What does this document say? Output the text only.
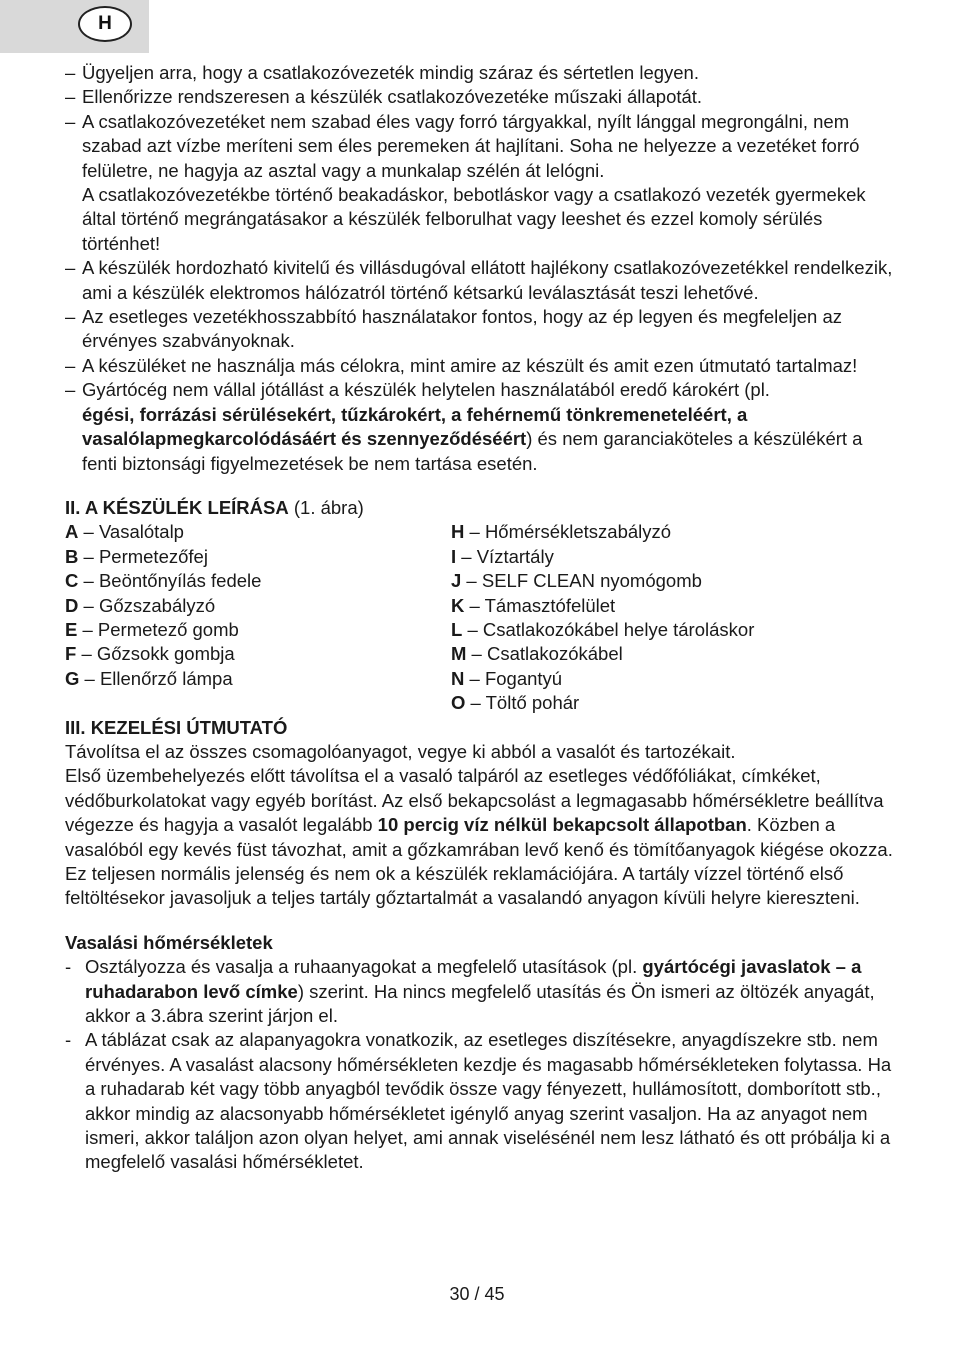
H
– Ügyeljen arra, hogy a csatlakozóvezeték mindig száraz és sértetlen legyen.
– Ellenőrizze rendszeresen a készülék csatlakozóvezetéke műszaki állapotát.
– A csatlakozóvezetéket nem szabad éles vagy forró tárgyakkal, nyílt lánggal megrongálni, nem szabad azt vízbe meríteni sem éles peremeken át hajlítani. Soha ne helyezze a vezetéket forró felületre, ne hagyja az asztal vagy a munkalap szélén át lelógni.
A csatlakozóvezetékbe történő beakadáskor, bebotláskor vagy a csatlakozó vezeték gyermekek által történő megrángatásakor a készülék felborulhat vagy leeshet és ezzel komoly sérülés történhet!
– A készülék hordozható kivitelű és villásdugóval ellátott hajlékony csatlakozóvezetékkel rendelkezik, ami a készülék elektromos hálózatról történő kétsarkú leválasztását teszi lehetővé.
– Az esetleges vezetékhosszabbító használatakor fontos, hogy az ép legyen és megfeleljen az érvényes szabványoknak.
– A készüléket ne használja más célokra, mint amire az készült és amit ezen útmutató tartalmaz!
– Gyártócég nem vállal jótállást a készülék helytelen használatából eredő károkért (pl.
égési, forrázási sérülésekért, tűzkárokért, a fehérnemű tönkremeneteléért, a vasalólapmegkarcolódásáért és szennyeződéséért) és nem garanciaköteles a készülékért a fenti biztonsági figyelmezetések be nem tartása esetén.

II. A KÉSZÜLÉK LEÍRÁSA (1. ábra)

A – Vasalótalp
B – Permetezőfej
C – Beöntőnyílás fedele
D – Gőzszabályzó
E – Permetező gomb
F – Gőzsokk gombja
G – Ellenőrző lámpa
H – Hőmérsékletszabályzó
I – Víztartály
J – SELF CLEAN nyomógomb
K – Támasztófelület
L – Csatlakozókábel helye tároláskor
M – Csatlakozókábel
N – Fogantyú
O – Töltő pohár

III. KEZELÉSI ÚTMUTATÓ

Távolítsa el az összes csomagolóanyagot, vegye ki abból a vasalót és tartozékait.

Első üzembehelyezés előtt távolítsa el a vasaló talpáról az esetleges védőfóliákat, címkéket, védőburkolatokat vagy egyéb borítást. Az első bekapcsolást a legmagasabb hőmérsékletre beállítva végezze és hagyja a vasalót legalább 10 percig víz nélkül bekapcsolt állapotban. Közben a vasalóból egy kevés füst távozhat, amit a gőzkamrában levő kenő és tömítőanyagok kiégése okozza. Ez teljesen normális jelenség és nem ok a készülék reklamációjára. A tartály vízzel történő első feltöltésekor javasoljuk a teljes tartály gőztartalmát a vasalandó anyagon kívüli helyre kiereszteni.

Vasalási hőmérsékletek

- Osztályozza és vasalja a ruhaanyagokat a megfelelő utasítások (pl. gyártócégi javaslatok – a ruhadarabon levő címke) szerint. Ha nincs megfelelő utasítás és Ön ismeri az öltözék anyagát, akkor a 3.ábra szerint járjon el.
- A táblázat csak az alapanyagokra vonatkozik, az esetleges diszítésekre, anyagdíszekre stb. nem érvényes. A vasalást alacsony hőmérsékleten kezdje és magasabb hőmérsékleteken folytassa. Ha a ruhadarab két vagy több anyagból tevődik össze vagy fényezett, hullámosított, domborított stb., akkor mindig az alacsonyabb hőmérsékletet igénylő anyag szerint vasaljon. Ha az anyagot nem ismeri, akkor találjon azon olyan helyet, ami annak viselésénél nem lesz látható és ott próbálja ki a megfelelő vasalási hőmérsékletet.
30 / 45
